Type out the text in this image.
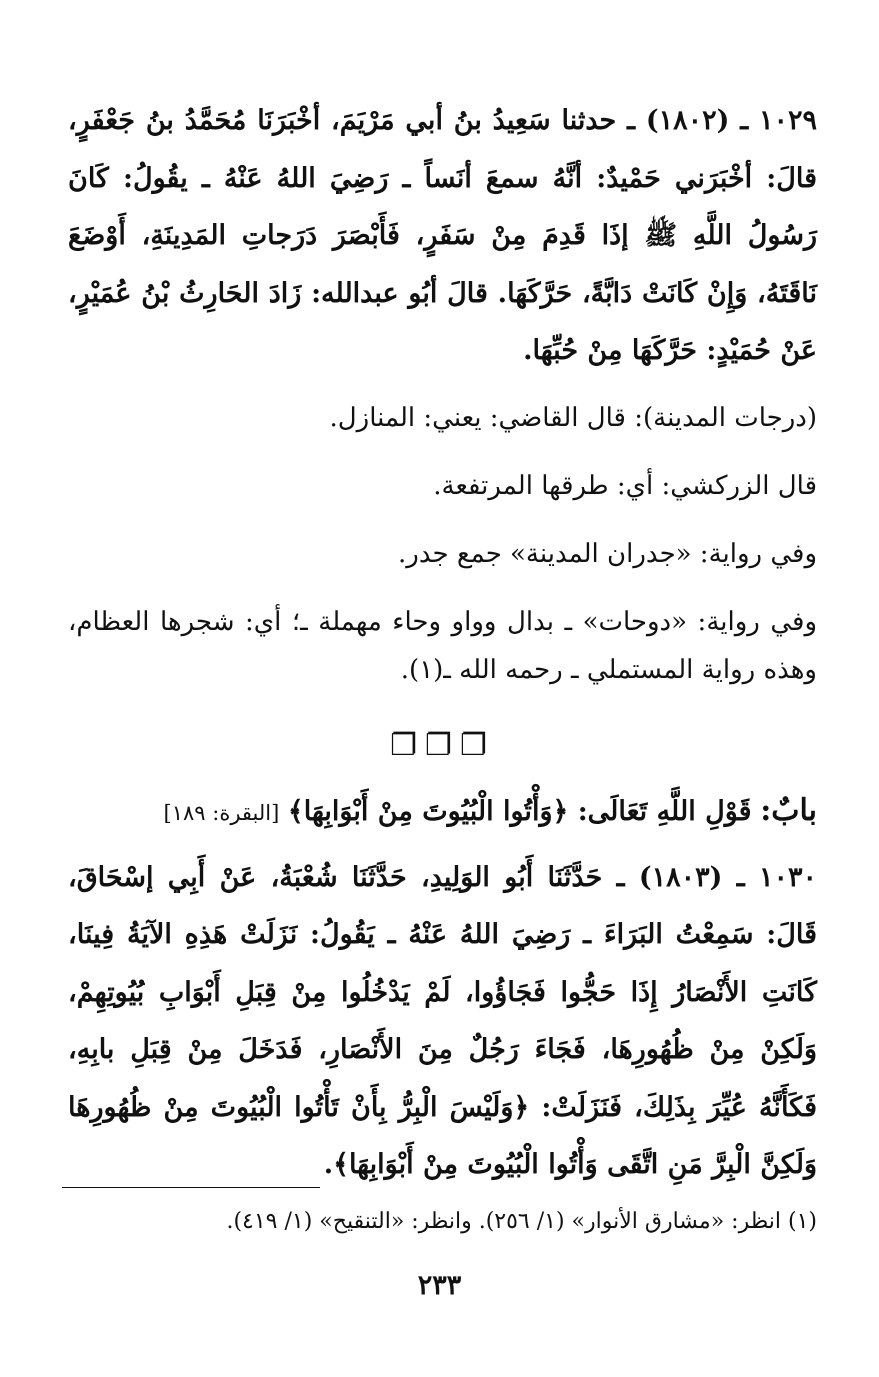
١٠٢٩ ـ (١٨٠٢) ـ حدثنا سَعِيدُ بنُ أبي مَرْيَمَ، أخْبَرَنَا مُحَمَّدُ بنُ جَعْفَرٍ، قالَ: أخْبَرَني حَمْيدٌ: أنَّهُ سمعَ أنَساً ـ رَضِيَ اللهُ عَنْهُ ـ يقُولُ: كَانَ رَسُولُ اللَّهِ ﷺ إذَا قَدِمَ مِنْ سَفَرٍ، فَأَبْصَرَ دَرَجاتِ المَدِينَةِ، أَوْضَعَ نَاقَتَهُ، وَإِنْ كَانَتْ دَابَّةً، حَرَّكَهَا. قالَ أبُو عبدالله: زَادَ الحَارِثُ بْنُ عُمَيْرٍ، عَنْ حُمَيْدٍ: حَرَّكَهَا مِنْ حُبِّهَا.

(درجات المدينة): قال القاضي: يعني: المنازل.

قال الزركشي: أي: طرقها المرتفعة.

وفي رواية: «جدران المدينة» جمع جدر.

وفي رواية: «دوحات» ـ بدال وواو وحاء مهملة ـ؛ أي: شجرها العظام، وهذه رواية المستملي ـ رحمه الله ـ(١).

❐❐❐

بابٌ: قَوْلِ اللَّهِ تَعَالَى: ﴿وَأْتُوا الْبُيُوتَ مِنْ أَبْوَابِهَا﴾ [البقرة: ١٨٩]

١٠٣٠ ـ (١٨٠٣) ـ حَدَّثَنَا أَبُو الوَلِيدِ، حَدَّثَنَا شُعْبَةُ، عَنْ أَبِي إسْحَاقَ، قَالَ: سَمِعْتُ البَرَاءَ ـ رَضِيَ اللهُ عَنْهُ ـ يَقُولُ: نَزَلَتْ هَذِهِ الآيَةُ فِينَا، كَانَتِ الأَنْصَارُ إِذَا حَجُّوا فَجَاؤُوا، لَمْ يَدْخُلُوا مِنْ قِبَلِ أَبْوَابِ بُيُوتِهِمْ، وَلَكِنْ مِنْ ظُهُورِهَا، فَجَاءَ رَجُلٌ مِنَ الأَنْصَارِ، فَدَخَلَ مِنْ قِبَلِ بابِهِ، فَكَأَنَّهُ عُيِّرَ بِذَلِكَ، فَنَزَلَتْ: ﴿وَلَيْسَ الْبِرُّ بِأَنْ تَأْتُوا الْبُيُوتَ مِنْ ظُهُورِهَا وَلَكِنَّ الْبِرَّ مَنِ اتَّقَى وَأْتُوا الْبُيُوتَ مِنْ أَبْوَابِهَا﴾.

(١) انظر: «مشارق الأنوار» (١/ ٢٥٦). وانظر: «التنقيح» (١/ ٤١٩).

٢٣٣
